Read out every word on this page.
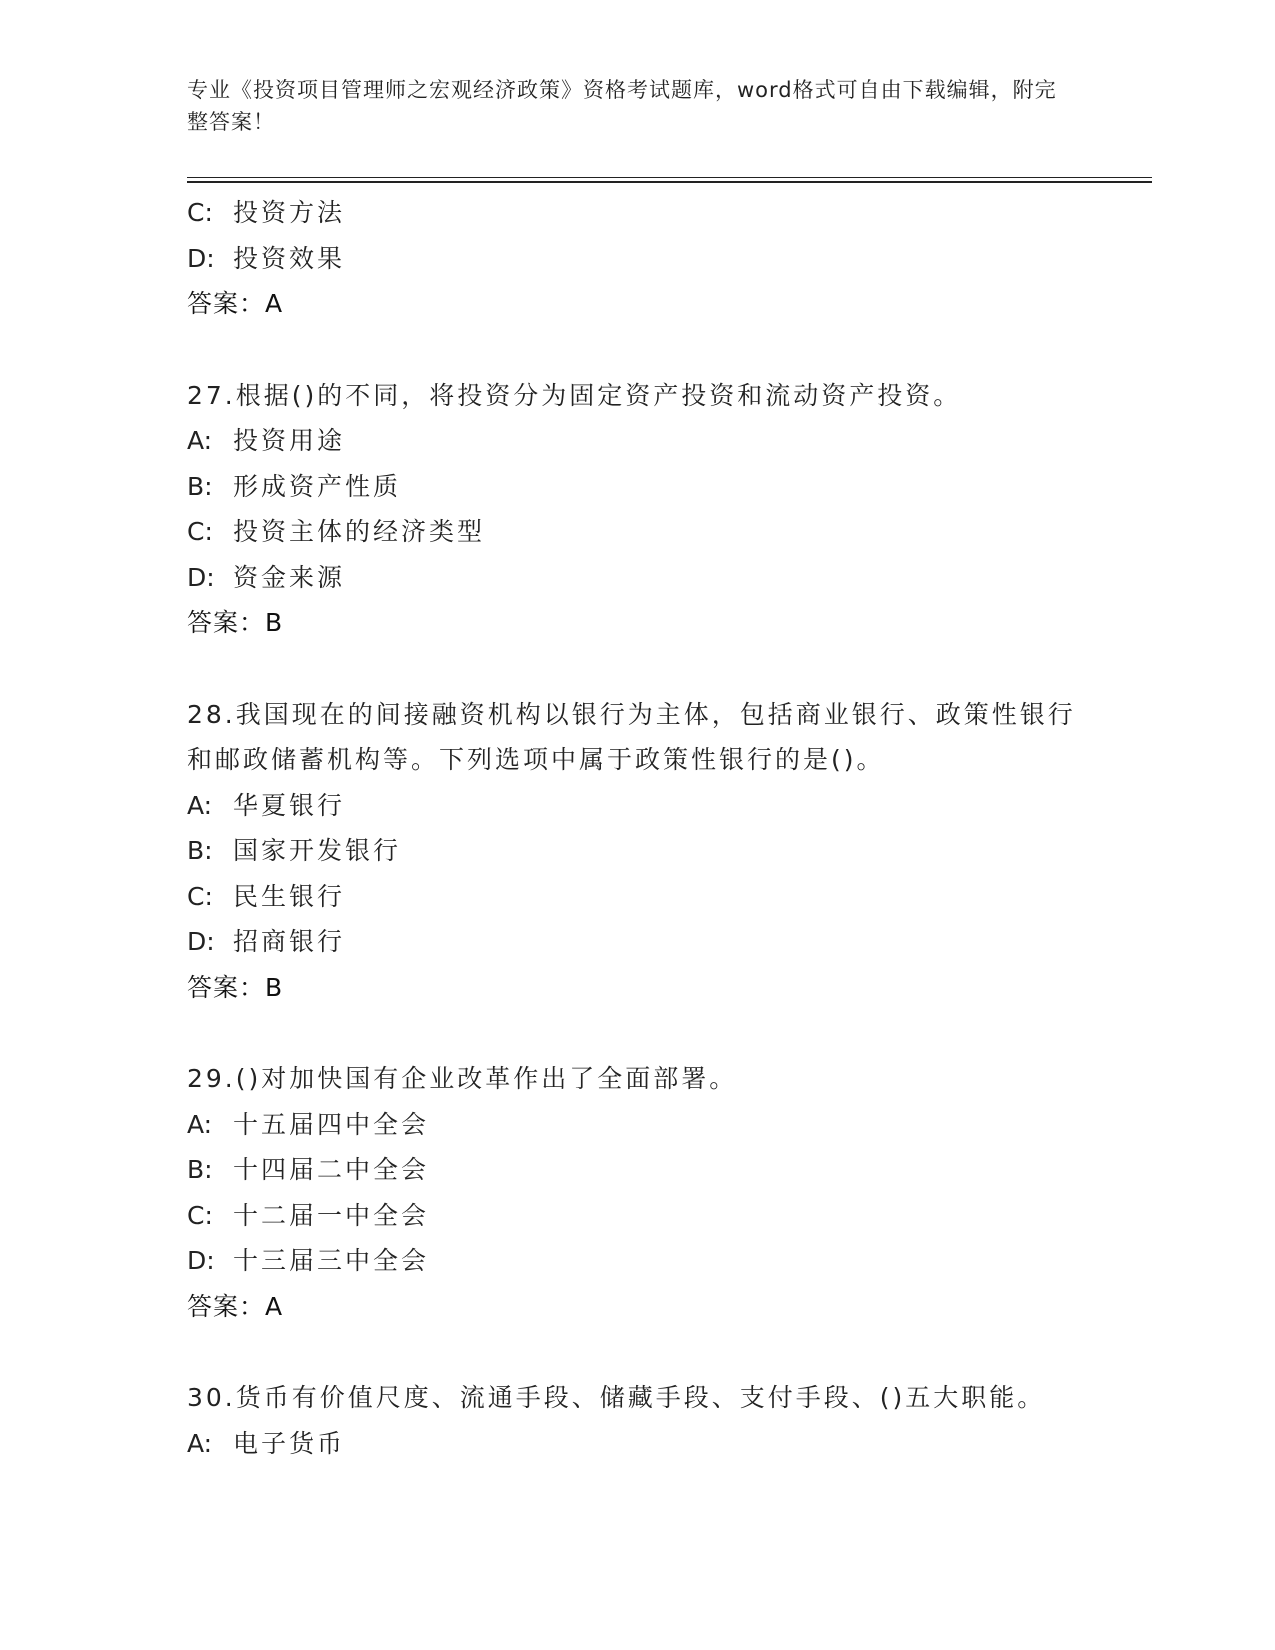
专业《投资项目管理师之宏观经济政策》资格考试题库，word格式可自由下载编辑，附完整答案！
C: 投资方法
D: 投资效果
答案：A
27.根据()的不同，将投资分为固定资产投资和流动资产投资。
A: 投资用途
B: 形成资产性质
C: 投资主体的经济类型
D: 资金来源
答案：B
28.我国现在的间接融资机构以银行为主体，包括商业银行、政策性银行和邮政储蓄机构等。下列选项中属于政策性银行的是()。
A: 华夏银行
B: 国家开发银行
C: 民生银行
D: 招商银行
答案：B
29.()对加快国有企业改革作出了全面部署。
A: 十五届四中全会
B: 十四届二中全会
C: 十二届一中全会
D: 十三届三中全会
答案：A
30.货币有价值尺度、流通手段、储藏手段、支付手段、()五大职能。
A: 电子货币
